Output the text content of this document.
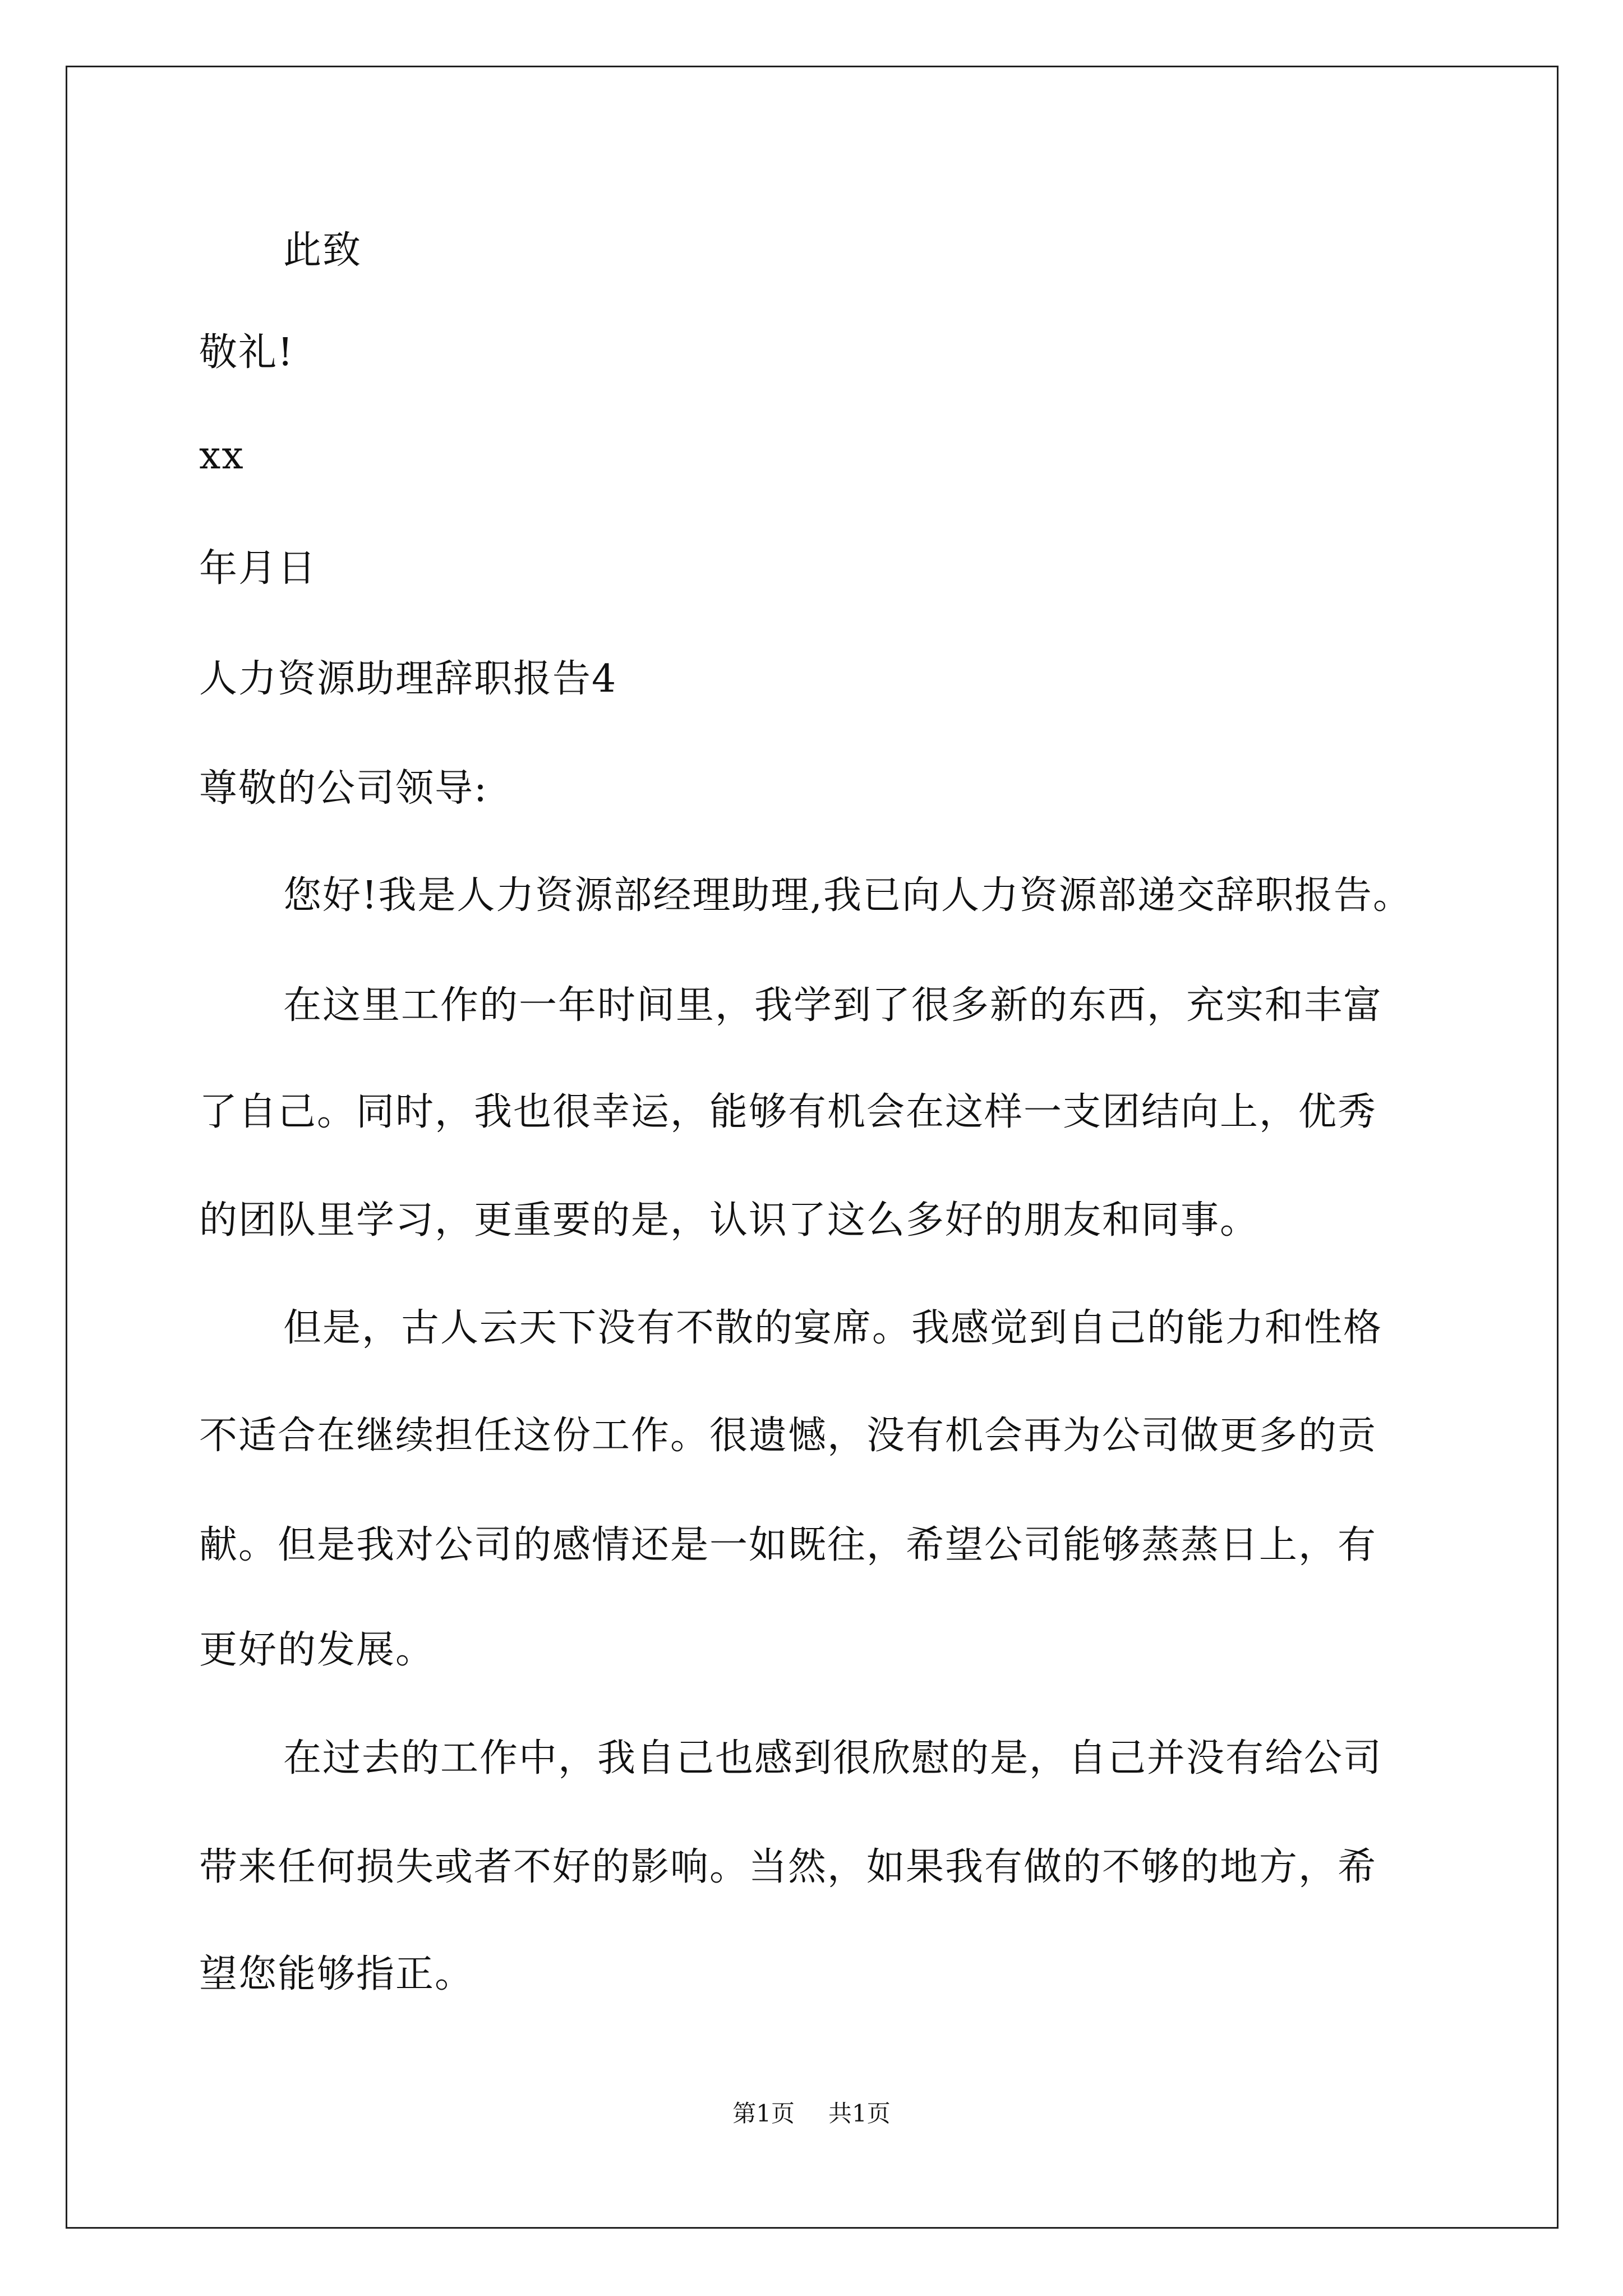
此致
敬礼!
xx
年月日
人力资源助理辞职报告4
尊敬的公司领导:
您好!我是人力资源部经理助理,我已向人力资源部递交辞职报告。
在这里工作的一年时间里，我学到了很多新的东西，充实和丰富
了自己。同时，我也很幸运，能够有机会在这样一支团结向上，优秀
的团队里学习，更重要的是，认识了这么多好的朋友和同事。
但是，古人云天下没有不散的宴席。我感觉到自己的能力和性格
不适合在继续担任这份工作。很遗憾，没有机会再为公司做更多的贡
献。但是我对公司的感情还是一如既往，希望公司能够蒸蒸日上，有
更好的发展。
在过去的工作中，我自己也感到很欣慰的是，自己并没有给公司
带来任何损失或者不好的影响。当然，如果我有做的不够的地方，希
望您能够指正。
第1页 共1页
